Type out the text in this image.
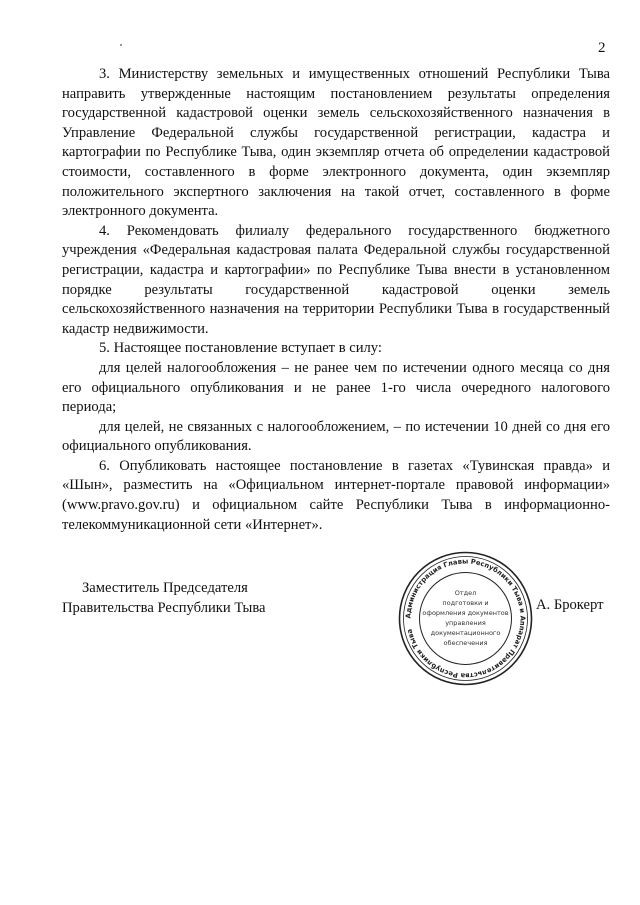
2

3. Министерству земельных и имущественных отношений Республики Тыва направить утвержденные настоящим постановлением результаты определения государственной кадастровой оценки земель сельскохозяйственного назначения в Управление Федеральной службы государственной регистрации, кадастра и картографии по Республике Тыва, один экземпляр отчета об определении кадастровой стоимости, составленного в форме электронного документа, один экземпляр положительного экспертного заключения на такой отчет, составленного в форме электронного документа.

4. Рекомендовать филиалу федерального государственного бюджетного учреждения «Федеральная кадастровая палата Федеральной службы государственной регистрации, кадастра и картографии» по Республике Тыва внести в установленном порядке результаты государственной кадастровой оценки земель сельскохозяйственного назначения на территории Республики Тыва в государственный кадастр недвижимости.

5. Настоящее постановление вступает в силу:

для целей налогообложения – не ранее чем по истечении одного месяца со дня его официального опубликования и не ранее 1-го числа очередного налогового периода;

для целей, не связанных с налогообложением, – по истечении 10 дней со дня его официального опубликования.

6. Опубликовать настоящее постановление в газетах «Тувинская правда» и «Шын», разместить на «Официальном интернет-портале правовой информации» (www.pravo.gov.ru) и официальном сайте Республики Тыва в информационно-телекоммуникационной сети «Интернет».

Заместитель Председателя
Правительства Республики Тыва
Администрация Главы Республики Тыва и Аппарат Правительства Республики Тыва
Отдел
подготовки и
оформления документов
управления
документационного
обеспечения
А. Брокерт
